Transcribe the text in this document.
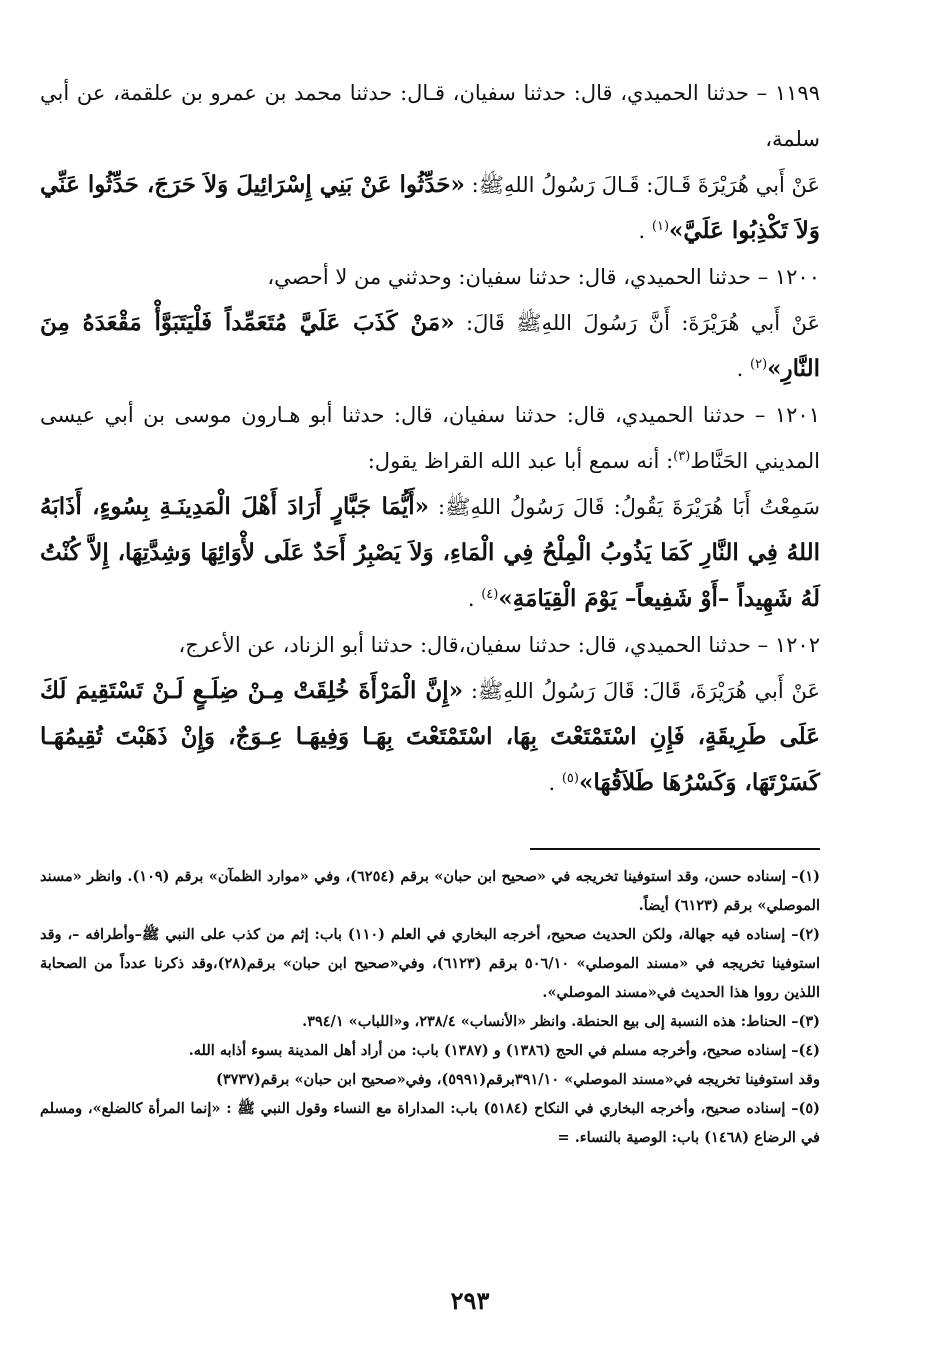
١١٩٩ – حدثنا الحميدي، قال: حدثنا سفيان، قـال: حدثنا محمد بن عمرو بن علقمة، عن أبي سلمة،

عَنْ أَبي هُرَيْرَةَ قَـالَ: قَـالَ رَسُولُ اللهِﷺ: «حَدِّثُوا عَنْ بَنِي إِسْرَائِيلَ وَلاَ حَرَجَ، حَدِّثُوا عَنِّي وَلاَ تَكْذِبُوا عَلَيَّ»$^{(١)}$ .

١٢٠٠ – حدثنا الحميدي، قال: حدثنا سفيان: وحدثني من لا أحصي،

عَنْ أَبي هُرَيْرَةَ: أَنَّ رَسُولَ اللهِﷺ قَالَ: «مَنْ كَذَبَ عَلَيَّ مُتَعَمِّداً فَلْيَتَبَوَّأْ مَقْعَدَهُ مِنَ النَّارِ»$^{(٢)}$ .

١٢٠١ – حدثنا الحميدي، قال: حدثنا سفيان، قال: حدثنا أبو هـارون موسى بن أبي عيسى المديني الحَنَّاط$^{(٣)}$: أنه سمع أبا عبد الله القراظ يقول:

سَمِعْتُ أَبَا هُرَيْرَةَ يَقُولُ: قَالَ رَسُولُ اللهِﷺ: «أَيُّمَا جَبَّارٍ أَرَادَ أَهْلَ الْمَدِينَـةِ بِسُوءٍ، أَذَابَهُ اللهُ فِي النَّارِ كَمَا يَذُوبُ الْمِلْحُ فِي الْمَاءِ، وَلاَ يَصْبِرُ أَحَدٌ عَلَى لأْوَائِهَا وَشِدَّتِهَا، إِلاَّ كُنْتُ لَهُ شَهِيداً –أَوْ شَفِيعاً– يَوْمَ الْقِيَامَةِ»$^{(٤)}$ .

١٢٠٢ – حدثنا الحميدي، قال: حدثنا سفيان،قال: حدثنا أبو الزناد، عن الأعرج،

عَنْ أَبي هُرَيْرَةَ، قَالَ: قَالَ رَسُولُ اللهِﷺ: «إِنَّ الْمَرْأَةَ خُلِقَتْ مِـنْ ضِلَـعٍ لَـنْ تَسْتَقِيمَ لَكَ عَلَى طَرِيقَةٍ، فَإِنِ اسْتَمْتَعْتَ بِهَا، اسْتَمْتَعْتَ بِهَـا وَفِيهَـا عِـوَجٌ، وَإِنْ ذَهَبْتَ تُقِيمُهَـا كَسَرْتَهَا، وَكَسْرُهَا طَلاَقُهَا»$^{(٥)}$ .

(١)– إسناده حسن، وقد استوفينا تخريجه في «صحيح ابن حبان» برقم (٦٢٥٤)، وفي «موارد الظمآن» برقم (١٠٩). وانظر «مسند الموصلي» برقم (٦١٢٣) أيضاً.

(٢)– إسناده فيه جهالة، ولكن الحديث صحيح، أخرجه البخاري في العلم (١١٠) باب: إثم من كذب على النبي ﷺ–وأطرافه –، وقد استوفينا تخريجه في «مسند الموصلي» ٥٠٦/١٠ برقم (٦١٢٣)، وفي«صحيح ابن حبان» برقم(٢٨)،وقد ذكرنا عدداً من الصحابة اللذين رووا هذا الحديث في«مسند الموصلي».

(٣)– الحناط: هذه النسبة إلى بيع الحنطة. وانظر «الأنساب» ٢٣٨/٤، و«اللباب» ٣٩٤/١.

(٤)– إسناده صحيح، وأخرجه مسلم في الحج (١٣٨٦) و (١٣٨٧) باب: من أراد أهل المدينة بسوء أذابه الله.

وقد استوفينا تخريجه في«مسند الموصلي» ٣٩١/١٠برقم(٥٩٩١)، وفي«صحيح ابن حبان» برقم(٣٧٣٧)

(٥)– إسناده صحيح، وأخرجه البخاري في النكاح (٥١٨٤) باب: المداراة مع النساء وقول النبي ﷺ : «إنما المرأة كالضلع»، ومسلم في الرضاع (١٤٦٨) باب: الوصية بالنساء. =

٢٩٣
